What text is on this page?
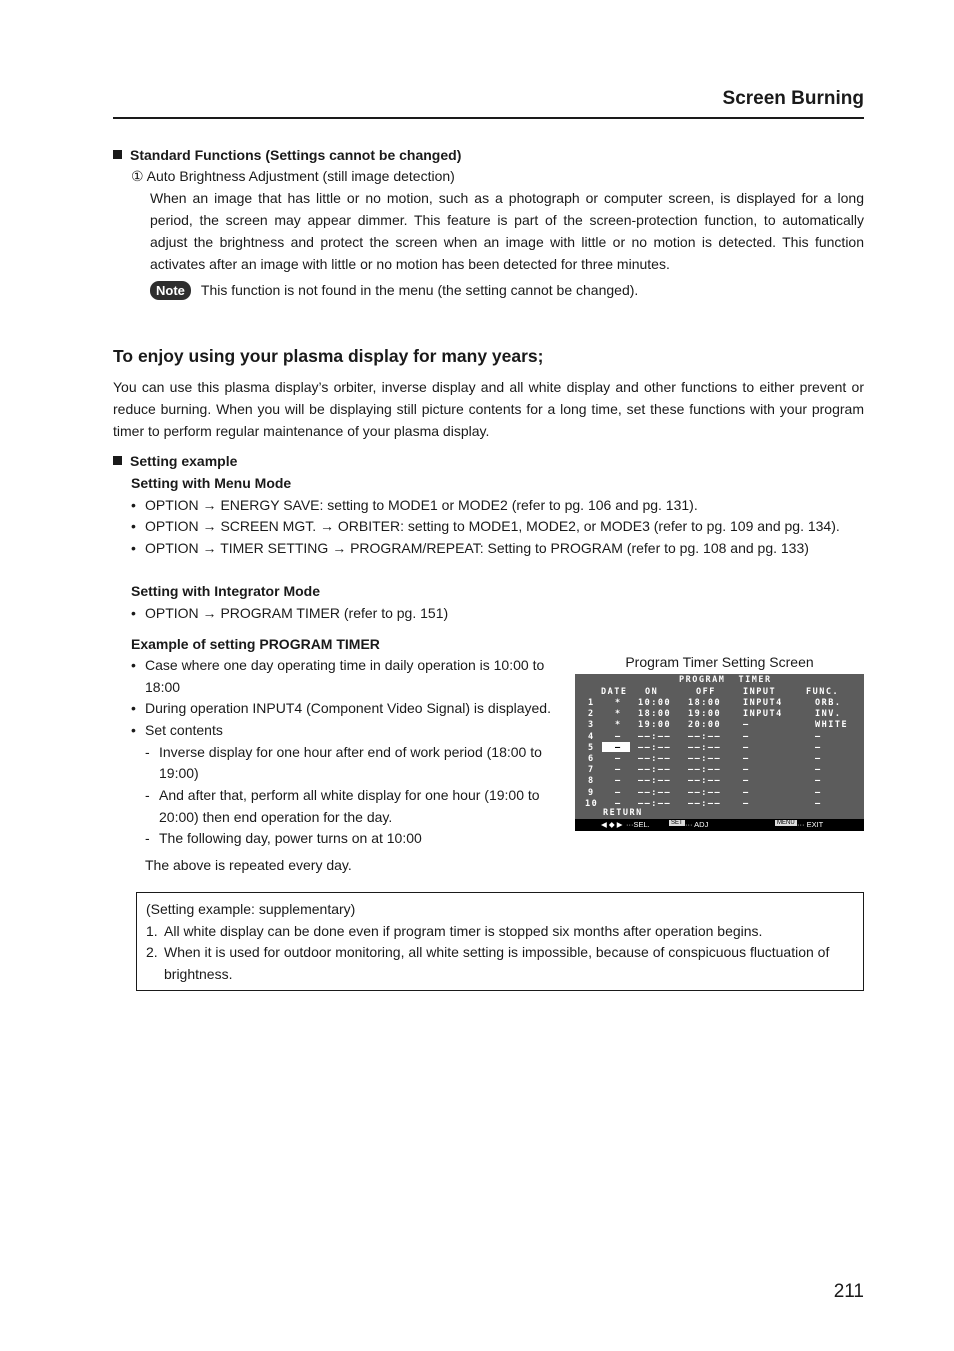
Screen Burning
Standard Functions (Settings cannot be changed)
① Auto Brightness Adjustment (still image detection)
When an image that has little or no motion, such as a photograph or computer screen, is displayed for a long
period, the screen may appear dimmer. This feature is part of the screen-protection function, to automatically
adjust the brightness and protect the screen when an image with little or no motion is detected. This function
activates after an image with little or no motion has been detected for three minutes.
Note This function is not found in the menu (the setting cannot be changed).
To enjoy using your plasma display for many years;
You can use this plasma display’s orbiter, inverse display and all white display and other functions to either prevent or
reduce burning. When you will be displaying still picture contents for a long time, set these functions with your program
timer to perform regular maintenance of your plasma display.
Setting example
Setting with Menu Mode
• OPTION → ENERGY SAVE: setting to MODE1 or MODE2 (refer to pg. 106 and pg. 131).
• OPTION → SCREEN MGT. → ORBITER: setting to MODE1, MODE2, or MODE3 (refer to pg. 109 and pg. 134).
• OPTION → TIMER SETTING → PROGRAM/REPEAT: Setting to PROGRAM (refer to pg. 108 and pg. 133)
Setting with Integrator Mode
• OPTION → PROGRAM TIMER (refer to pg. 151)
Example of setting PROGRAM TIMER
• Case where one day operating time in daily operation is 10:00 to
18:00
• During operation INPUT4 (Component Video Signal) is displayed.
• Set contents
- Inverse display for one hour after end of work period (18:00 to
19:00)
- And after that, perform all white display for one hour (19:00 to
20:00) then end operation for the day.
- The following day, power turns on at 10:00
The above is repeated every day.
Program Timer Setting Screen
PROGRAM  TIMER
DATE ON	OFF	INPUT	FUNC.
1 * 10:00 18:00	INPUT4	ORB.
2 * 18:00 19:00	INPUT4	INV.
3 * 19:00 20:00	–	WHITE
4 – ––:–– ––:––	–	–
5 – ––:–– ––:––	–	–
6 – ––:–– ––:––	–	–
7 – ––:–– ––:––	–	–
8 – ––:–– ––:––	–	–
9 – ––:–– ––:––	–	–
10 – ––:–– ––:––	–	–
RETURN
◀ ◆ ▶ ···SEL.	SET ··· ADJ	MENU ··· EXIT
(Setting example: supplementary)
1. All white display can be done even if program timer is stopped six months after operation begins.
2. When it is used for outdoor monitoring, all white setting is impossible, because of conspicuous fluctuation of
brightness.
211
